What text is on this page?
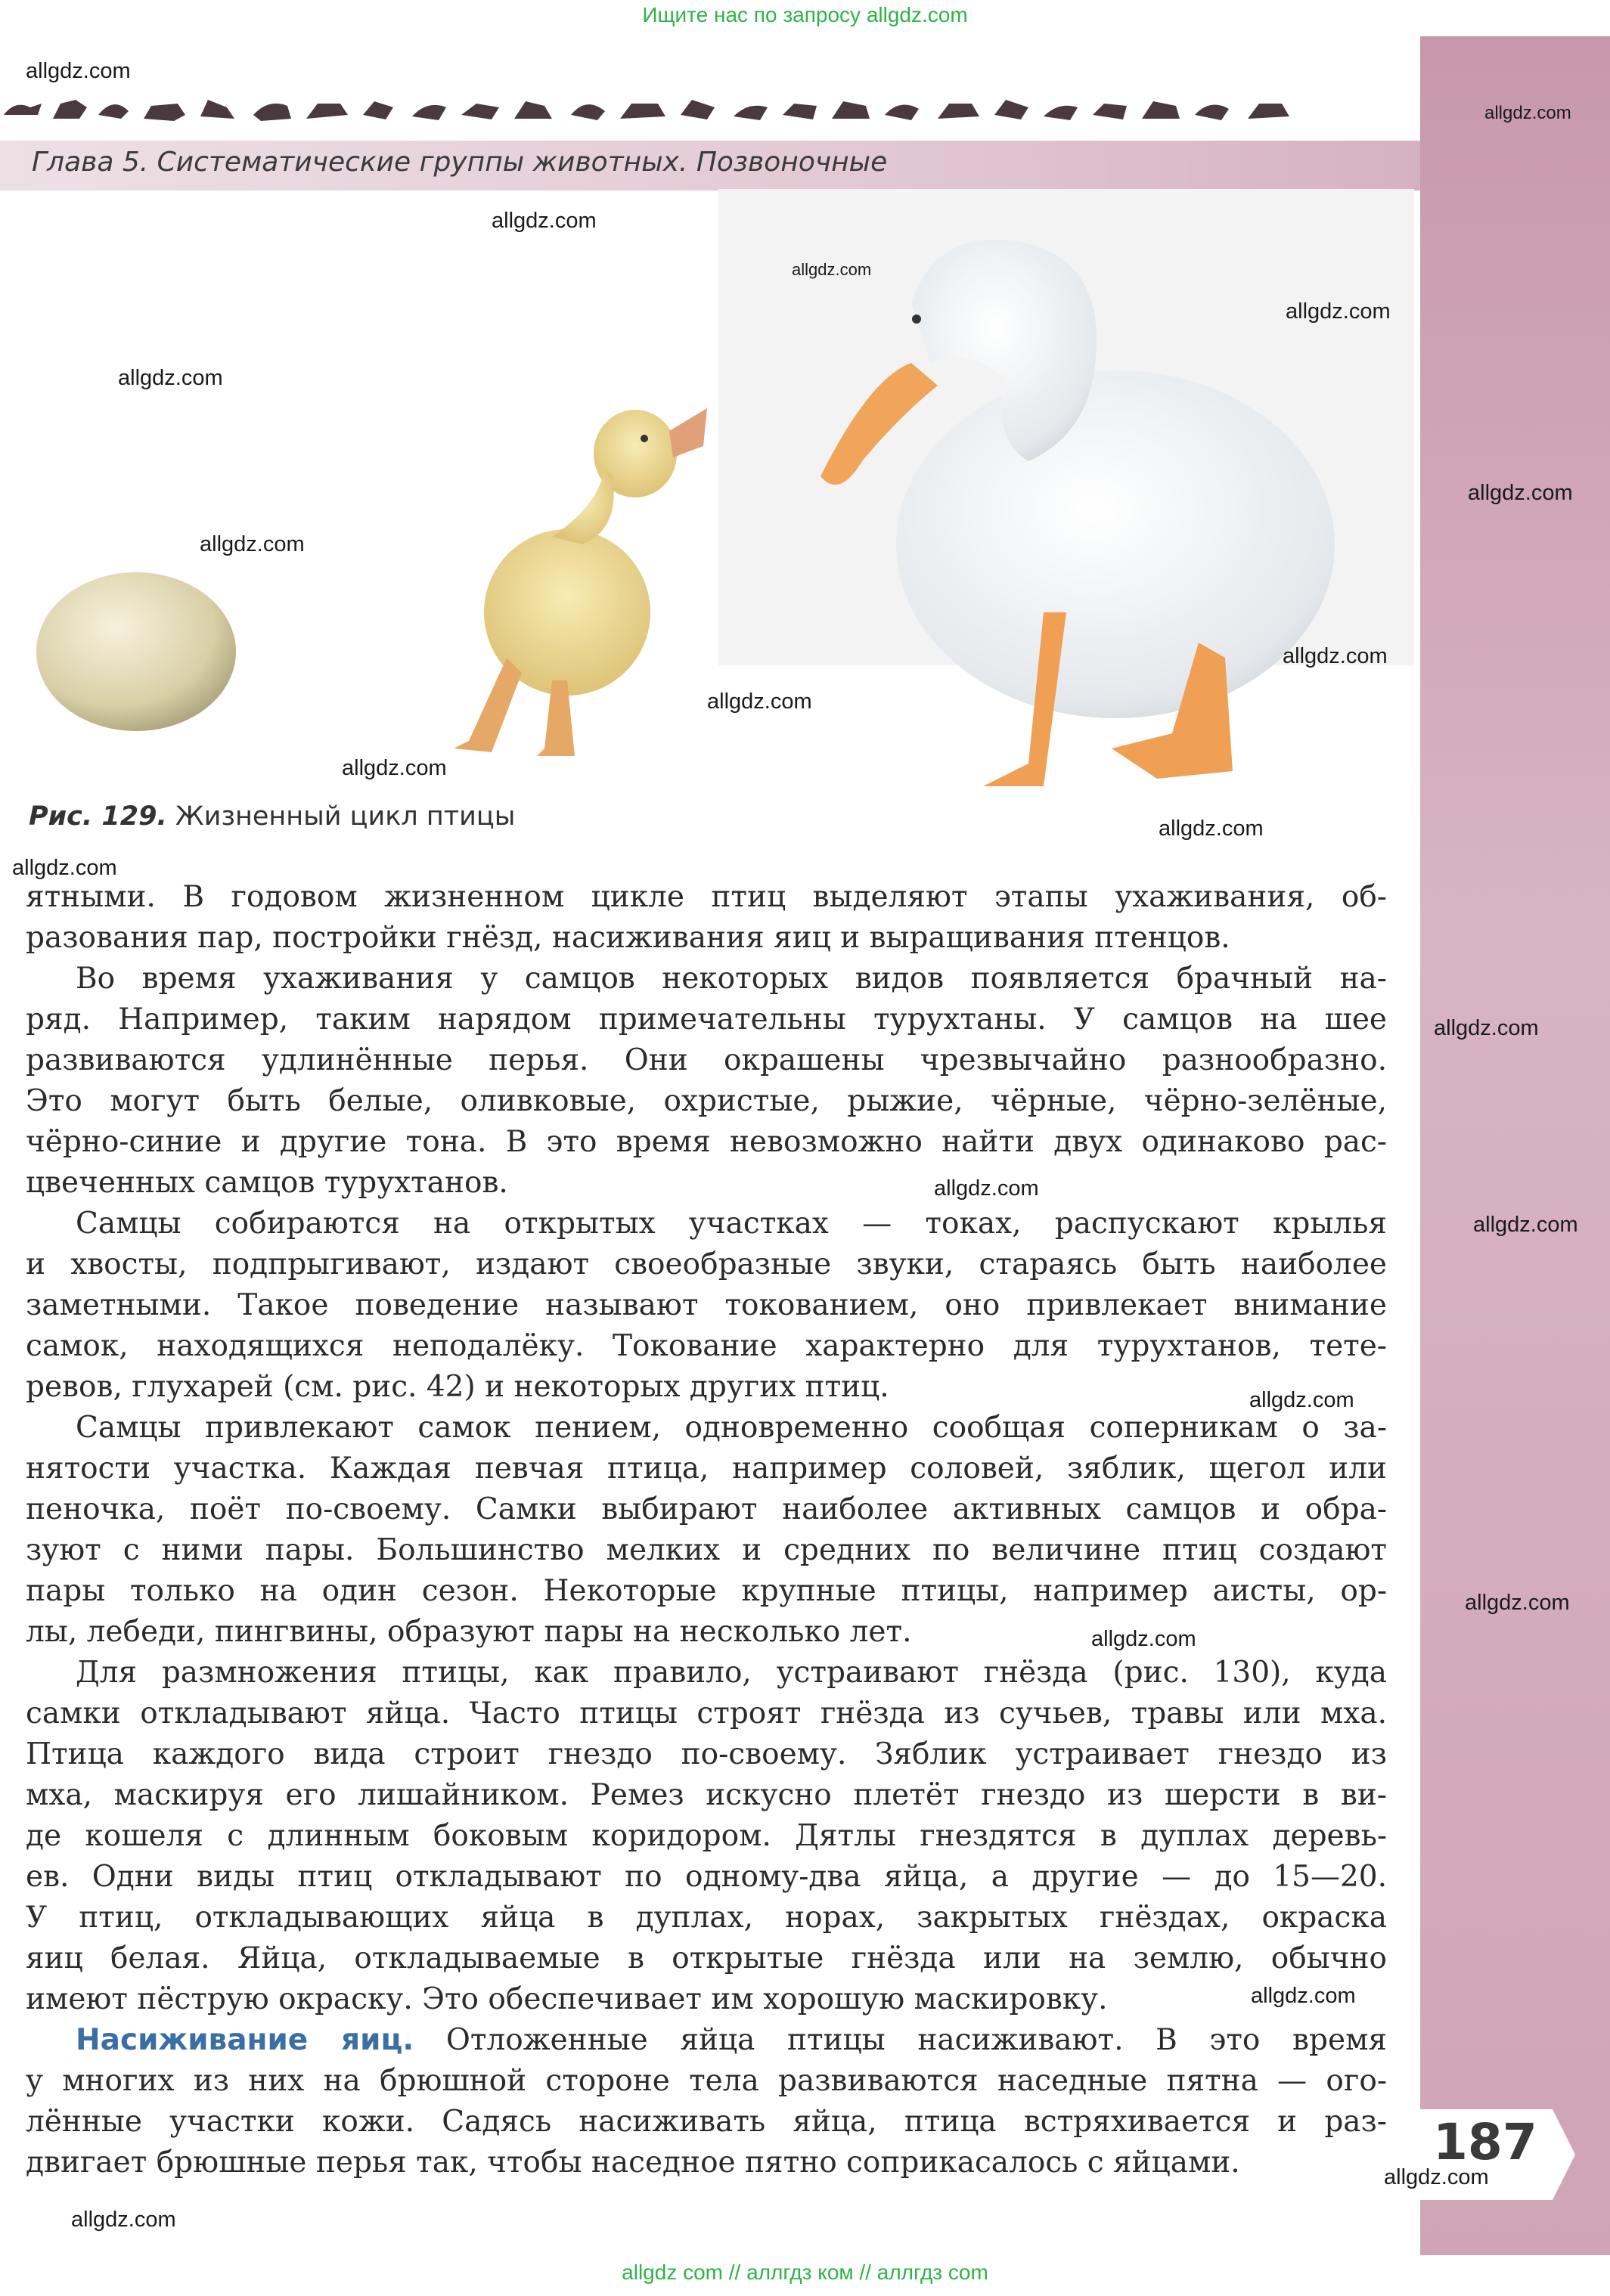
Ищите нас по запросу allgdz.com
Глава 5. Систематические группы животных. Позвоночные
Рис. 129. Жизненный цикл птицы
ятными. В годовом жизненном цикле птиц выделяют этапы ухаживания, об-
разования пар, постройки гнёзд, насиживания яиц и выращивания птенцов.
Во время ухаживания у самцов некоторых видов появляется брачный на-
ряд. Например, таким нарядом примечательны турухтаны. У самцов на шее
развиваются удлинённые перья. Они окрашены чрезвычайно разнообразно.
Это могут быть белые, оливковые, охристые, рыжие, чёрные, чёрно-зелёные,
чёрно-синие и другие тона. В это время невозможно найти двух одинаково рас-
цвеченных самцов турухтанов.
Самцы собираются на открытых участках — токах, распускают крылья
и хвосты, подпрыгивают, издают своеобразные звуки, стараясь быть наиболее
заметными. Такое поведение называют токованием, оно привлекает внимание
самок, находящихся неподалёку. Токование характерно для турухтанов, тете-
ревов, глухарей (см. рис. 42) и некоторых других птиц.
Самцы привлекают самок пением, одновременно сообщая соперникам о за-
нятости участка. Каждая певчая птица, например соловей, зяблик, щегол или
пеночка, поёт по-своему. Самки выбирают наиболее активных самцов и обра-
зуют с ними пары. Большинство мелких и средних по величине птиц создают
пары только на один сезон. Некоторые крупные птицы, например аисты, ор-
лы, лебеди, пингвины, образуют пары на несколько лет.
Для размножения птицы, как правило, устраивают гнёзда (рис. 130), куда
самки откладывают яйца. Часто птицы строят гнёзда из сучьев, травы или мха.
Птица каждого вида строит гнездо по-своему. Зяблик устраивает гнездо из
мха, маскируя его лишайником. Ремез искусно плетёт гнездо из шерсти в ви-
де кошеля с длинным боковым коридором. Дятлы гнездятся в дуплах деревь-
ев. Одни виды птиц откладывают по одному-два яйца, а другие — до 15—20.
У птиц, откладывающих яйца в дуплах, норах, закрытых гнёздах, окраска
яиц белая. Яйца, откладываемые в открытые гнёзда или на землю, обычно
имеют пёструю окраску. Это обеспечивает им хорошую маскировку.
Насиживание яиц. Отложенные яйца птицы насиживают. В это время
у многих из них на брюшной стороне тела развиваются наседные пятна — ого-
лённые участки кожи. Садясь насиживать яйца, птица встряхивается и раз-
двигает брюшные перья так, чтобы наседное пятно соприкасалось с яйцами.	187
allgdz.com
allgdz.com
allgdz.com
allgdz.com
allgdz.com
allgdz.com
allgdz.com
allgdz.com
allgdz.com
allgdz.com
allgdz.com
allgdz.com
allgdz.com
allgdz.com
allgdz.com
allgdz.com
allgdz.com
allgdz.com
allgdz.com
allgdz.com
allgdz.com
allgdz.com
allgdz com // аллгдз ком // аллгдз com
